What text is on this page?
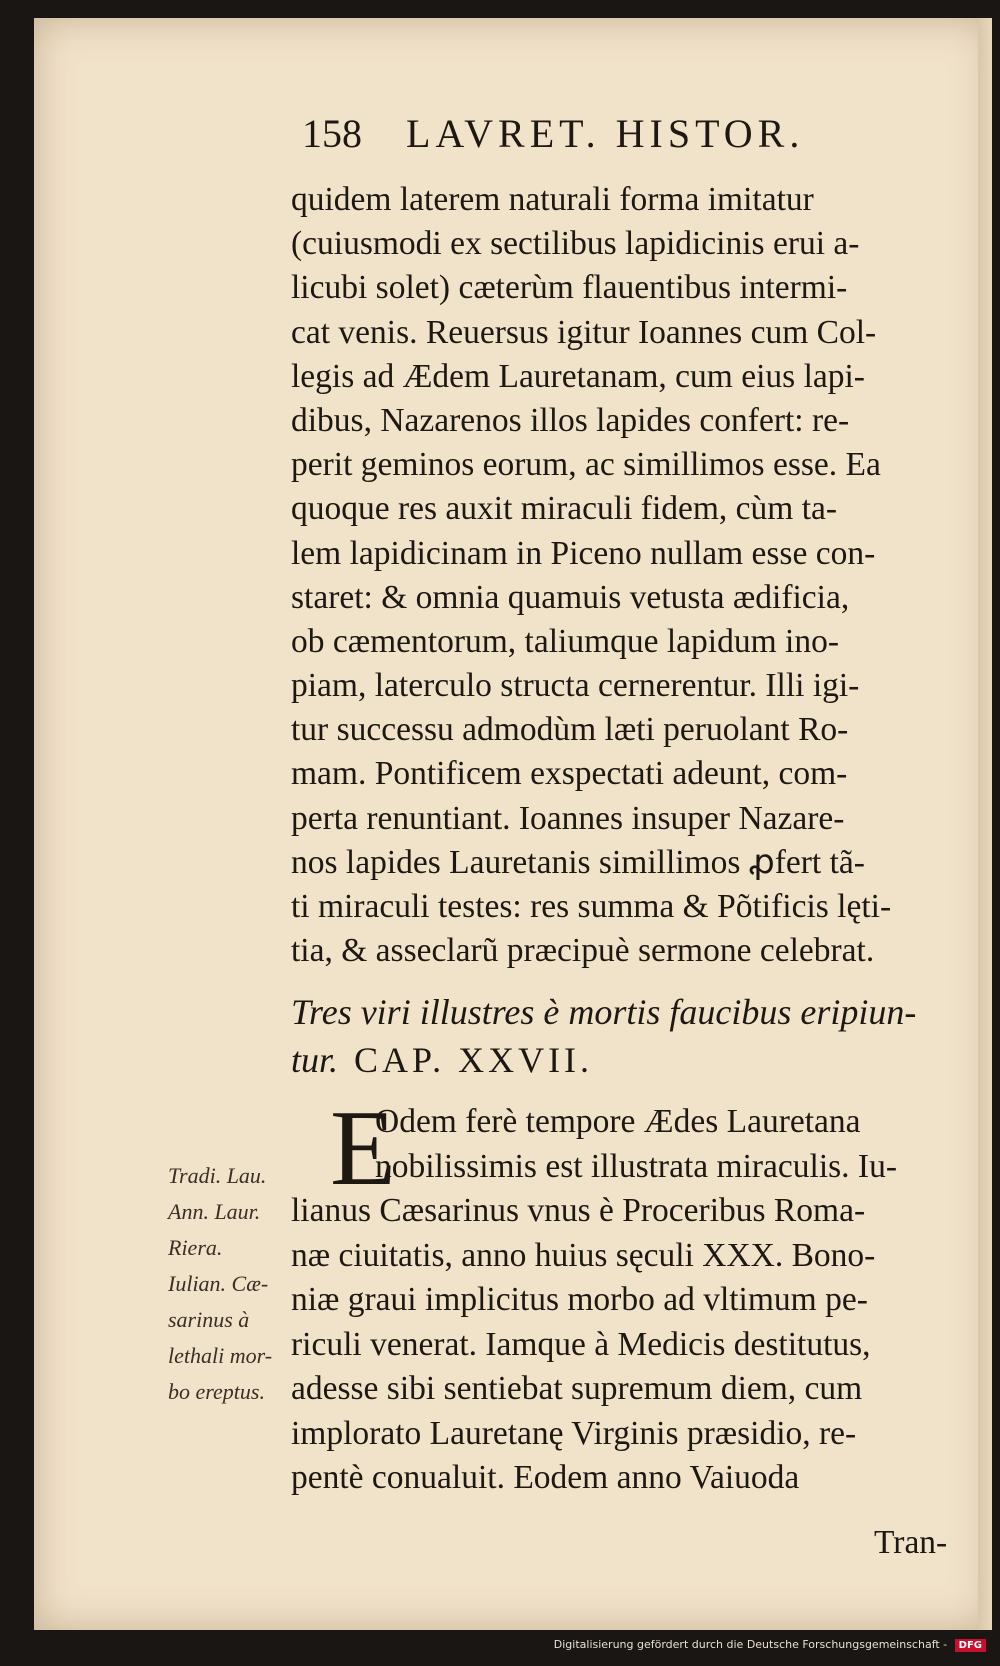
158 LAVRET. HISTOR.
quidem laterem naturali forma imitatur
(cuiusmodi ex sectilibus lapidicinis erui a-
licubi solet) cæterùm flauentibus intermi-
cat venis. Reuersus igitur Ioannes cum Col-
legis ad Ædem Lauretanam, cum eius lapi-
dibus, Nazarenos illos lapides confert: re-
perit geminos eorum, ac simillimos esse. Ea
quoque res auxit miraculi fidem, cùm ta-
lem lapidicinam in Piceno nullam esse con-
staret: & omnia quamuis vetusta ædificia,
ob cæmentorum, taliumque lapidum ino-
piam, laterculo structa cernerentur. Illi igi-
tur successu admodùm læti peruolant Ro-
mam. Pontificem exspectati adeunt, com-
perta renuntiant. Ioannes insuper Nazare-
nos lapides Lauretanis simillimos ꝓfert tã-
ti miraculi testes: res summa & Põtificis lętі-
tia, & asseclarũ præcipuè sermone celebrat.
Tres viri illustres è mortis faucibus eripiun-
tur. CAP. XXVII.
E
Odem ferè tempore Ædes Lauretana
nobilissimis est illustrata miraculis. Iu-
lianus Cæsarinus vnus è Proceribus Roma-
næ ciuitatis, anno huius sęculi XXX. Bono-
niæ graui implicitus morbo ad vltimum pe-
riculi venerat. Iamque à Medicis destitutus,
adesse sibi sentiebat supremum diem, cum
implorato Lauretanę Virginis præsidio, re-
pentè conualuit. Eodem anno Vaiuoda
Tran-
Tradi. Lau.
Ann. Laur.
Riera.
Iulian. Cæ-
sarinus à
lethali mor-
bo ereptus.
Digitalisierung gefördert durch die Deutsche Forschungsgemeinschaft - DFG
